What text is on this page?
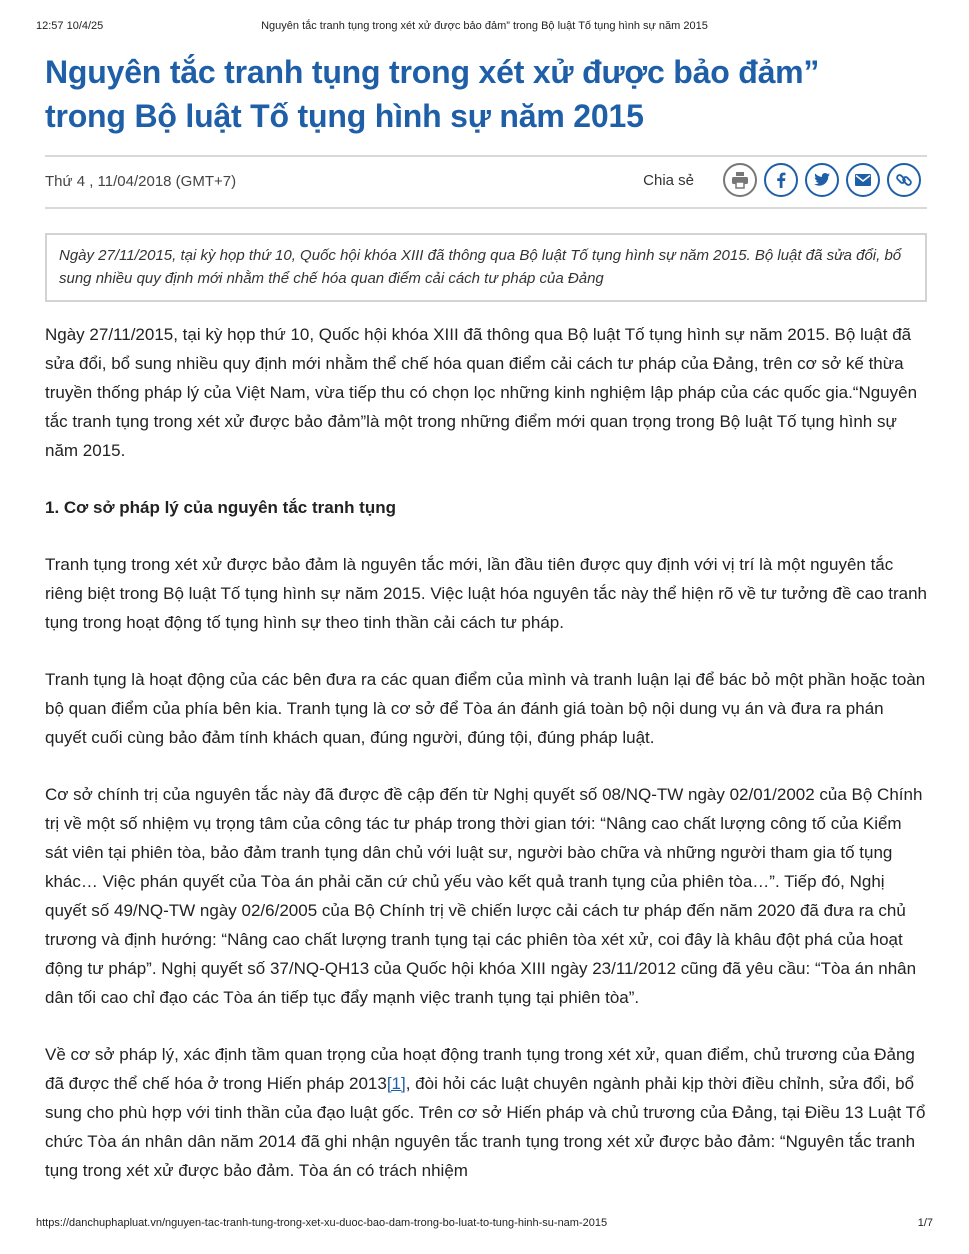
12:57 10/4/25	Nguyên tắc tranh tụng trong xét xử được bảo đảm” trong Bộ luật Tố tụng hình sự năm 2015
Nguyên tắc tranh tụng trong xét xử được bảo đảm”
trong Bộ luật Tố tụng hình sự năm 2015
Thứ 4 , 11/04/2018 (GMT+7)	Chia sẻ
Ngày 27/11/2015, tại kỳ họp thứ 10, Quốc hội khóa XIII đã thông qua Bộ luật Tố tụng hình sự năm 2015. Bộ luật đã sửa đổi, bổ sung nhiều quy định mới nhằm thể chế hóa quan điểm cải cách tư pháp của Đảng

Ngày 27/11/2015, tại kỳ họp thứ 10, Quốc hội khóa XIII đã thông qua Bộ luật Tố tụng hình sự năm 2015. Bộ luật đã sửa đổi, bổ sung nhiều quy định mới nhằm thể chế hóa quan điểm cải cách tư pháp của Đảng, trên cơ sở kế thừa truyền thống pháp lý của Việt Nam, vừa tiếp thu có chọn lọc những kinh nghiệm lập pháp của các quốc gia.“Nguyên tắc tranh tụng trong xét xử được bảo đảm”là một trong những điểm mới quan trọng trong Bộ luật Tố tụng hình sự năm 2015.

1. Cơ sở pháp lý của nguyên tắc tranh tụng

Tranh tụng trong xét xử được bảo đảm là nguyên tắc mới, lần đầu tiên được quy định với vị trí là một nguyên tắc riêng biệt trong Bộ luật Tố tụng hình sự năm 2015. Việc luật hóa nguyên tắc này thể hiện rõ về tư tưởng đề cao tranh tụng trong hoạt động tố tụng hình sự theo tinh thần cải cách tư pháp.

Tranh tụng là hoạt động của các bên đưa ra các quan điểm của mình và tranh luận lại để bác bỏ một phần hoặc toàn bộ quan điểm của phía bên kia. Tranh tụng là cơ sở để Tòa án đánh giá toàn bộ nội dung vụ án và đưa ra phán quyết cuối cùng bảo đảm tính khách quan, đúng người, đúng tội, đúng pháp luật.

Cơ sở chính trị của nguyên tắc này đã được đề cập đến từ Nghị quyết số 08/NQ-TW ngày 02/01/2002 của Bộ Chính trị về một số nhiệm vụ trọng tâm của công tác tư pháp trong thời gian tới: “Nâng cao chất lượng công tố của Kiểm sát viên tại phiên tòa, bảo đảm tranh tụng dân chủ với luật sư, người bào chữa và những người tham gia tố tụng khác… Việc phán quyết của Tòa án phải căn cứ chủ yếu vào kết quả tranh tụng của phiên tòa…”. Tiếp đó, Nghị quyết số 49/NQ-TW ngày 02/6/2005 của Bộ Chính trị về chiến lược cải cách tư pháp đến năm 2020 đã đưa ra chủ trương và định hướng: “Nâng cao chất lượng tranh tụng tại các phiên tòa xét xử, coi đây là khâu đột phá của hoạt động tư pháp”. Nghị quyết số 37/NQ-QH13 của Quốc hội khóa XIII ngày 23/11/2012 cũng đã yêu cầu: “Tòa án nhân dân tối cao chỉ đạo các Tòa án tiếp tục đẩy mạnh việc tranh tụng tại phiên tòa”.

Về cơ sở pháp lý, xác định tầm quan trọng của hoạt động tranh tụng trong xét xử, quan điểm, chủ trương của Đảng đã được thể chế hóa ở trong Hiến pháp 2013[1], đòi hỏi các luật chuyên ngành phải kịp thời điều chỉnh, sửa đổi, bổ sung cho phù hợp với tinh thần của đạo luật gốc. Trên cơ sở Hiến pháp và chủ trương của Đảng, tại Điều 13 Luật Tổ chức Tòa án nhân dân năm 2014 đã ghi nhận nguyên tắc tranh tụng trong xét xử được bảo đảm: “Nguyên tắc tranh tụng trong xét xử được bảo đảm. Tòa án có trách nhiệm

https://danchuphapluat.vn/nguyen-tac-tranh-tung-trong-xet-xu-duoc-bao-dam-trong-bo-luat-to-tung-hinh-su-nam-2015	1/7
